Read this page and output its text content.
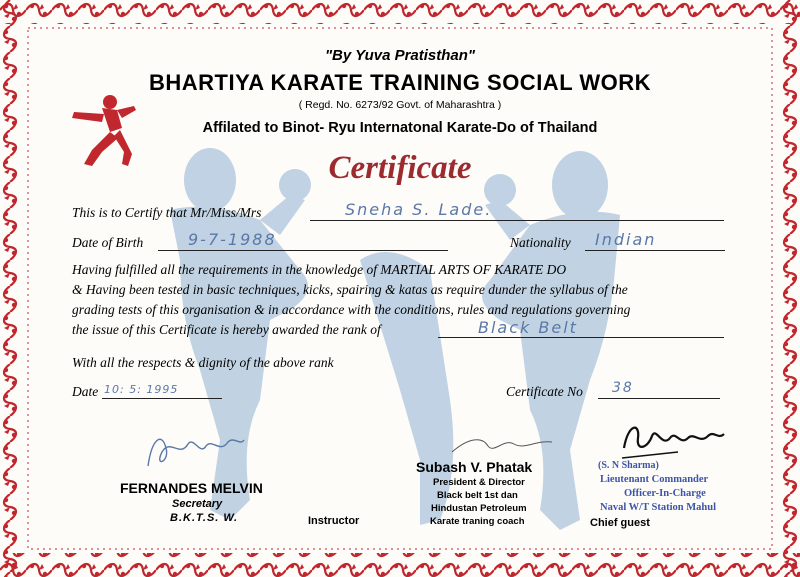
"By Yuva Pratisthan"
BHARTIYA KARATE TRAINING SOCIAL WORK
( Regd. No. 6273/92 Govt. of Maharashtra )
Affilated to Binot- Ryu Internatonal Karate-Do of Thailand
Certificate
This is to Certify that Mr/Miss/Mrs	Sneha S. Lade.
Date of Birth	9-7-1988	Nationality Indian
Having fulfilled all the requirements in the knowledge of MARTIAL ARTS OF KARATE DO
& Having been tested in basic techniques, kicks, spairing & katas as require dunder the syllabus of the
grading tests of this organisation & in accordance with the conditions, rules and regulations governing
the issue of this Certificate is hereby awarded the rank of	Black Belt
With all the respects & dignity of the above rank
Date 10: 5: 1995	Certificate No 38
FERNANDES MELVIN
Secretary
B.K.T.S. W.	Instructor
Subash V. Phatak
President & Director
Black belt 1st dan
Hindustan Petroleum
Karate traning coach
(S. N Sharma)
Lieutenant Commander
Officer-In-Charge
Naval W/T Station Mahul
Chief guest
